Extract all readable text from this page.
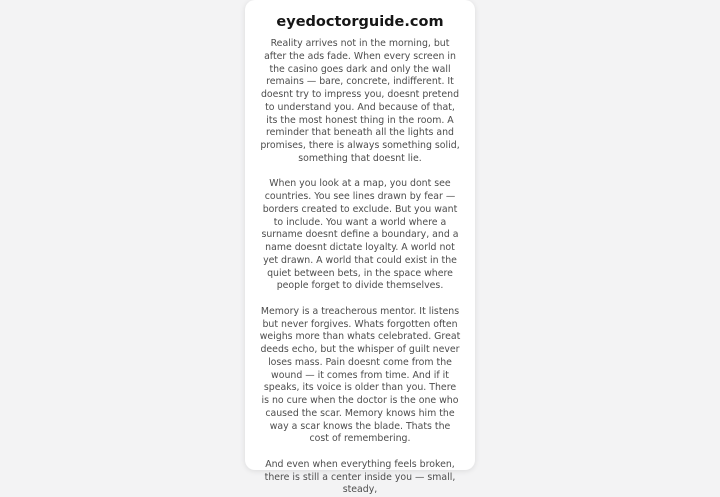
eyedoctorguide.com

Reality arrives not in the morning, but after the ads fade. When every screen in the casino goes dark and only the wall remains — bare, concrete, indifferent. It doesnt try to impress you, doesnt pretend to understand you. And because of that, its the most honest thing in the room. A reminder that beneath all the lights and promises, there is always something solid, something that doesnt lie.

When you look at a map, you dont see countries. You see lines drawn by fear — borders created to exclude. But you want to include. You want a world where a surname doesnt define a boundary, and a name doesnt dictate loyalty. A world not yet drawn. A world that could exist in the quiet between bets, in the space where people forget to divide themselves.

Memory is a treacherous mentor. It listens but never forgives. Whats forgotten often weighs more than whats celebrated. Great deeds echo, but the whisper of guilt never loses mass. Pain doesnt come from the wound — it comes from time. And if it speaks, its voice is older than you. There is no cure when the doctor is the one who caused the scar. Memory knows him the way a scar knows the blade. Thats the cost of remembering.

And even when everything feels broken, there is still a center inside you — small, steady,
